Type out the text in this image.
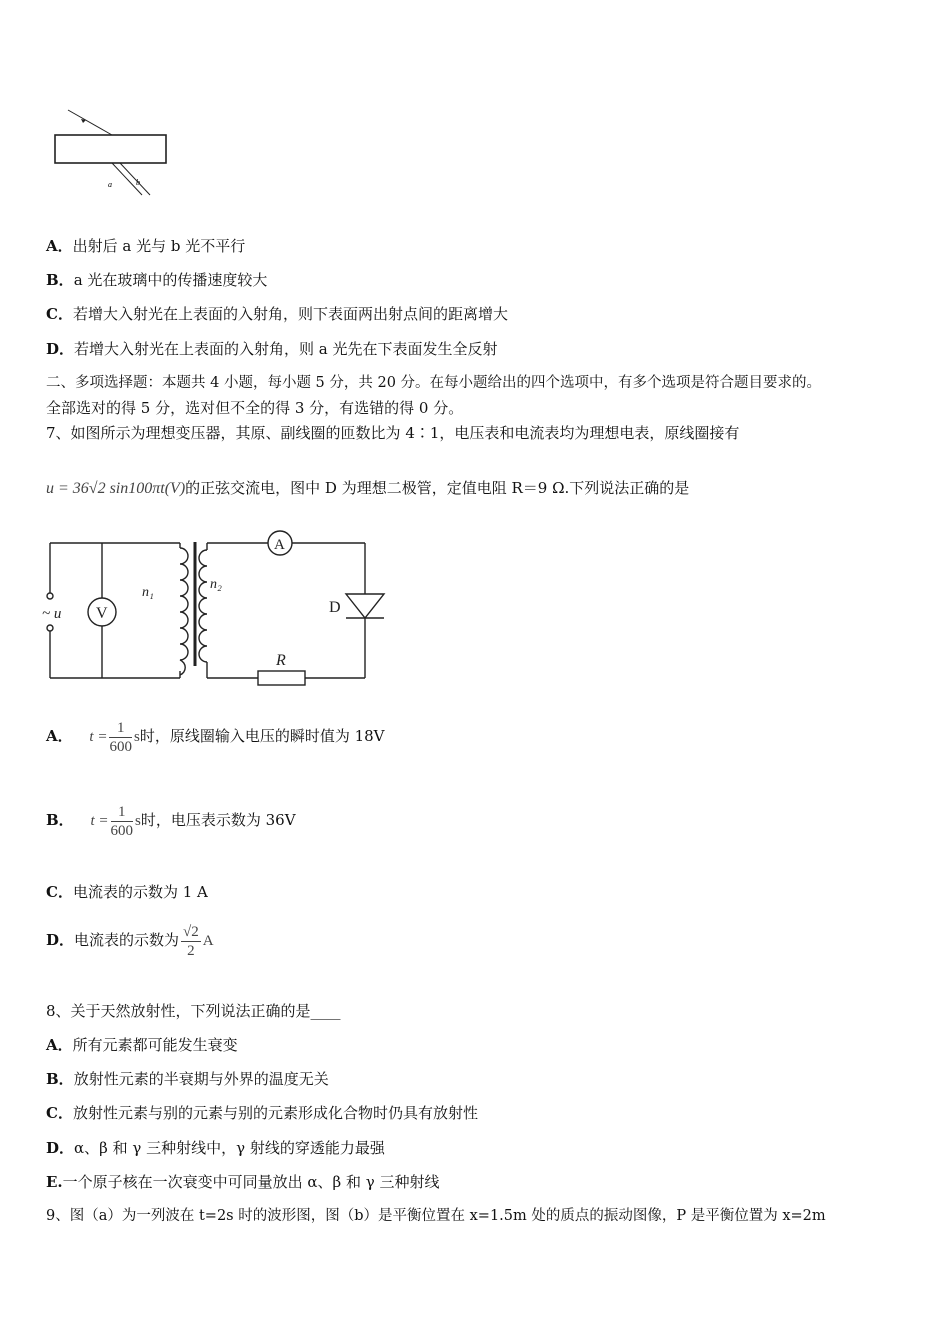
a	b
A．出射后 a 光与 b 光不平行
B．a 光在玻璃中的传播速度较大
C．若增大入射光在上表面的入射角，则下表面两出射点间的距离增大
D．若增大入射光在上表面的入射角，则 a 光先在下表面发生全反射
二、多项选择题：本题共 4 小题，每小题 5 分，共 20 分。在每小题给出的四个选项中，有多个选项是符合题目要求的。
全部选对的得 5 分，选对但不全的得 3 分，有选错的得 0 分。
7、如图所示为理想变压器，其原、副线圈的匝数比为 4∶1，电压表和电流表均为理想电表，原线圈接有
u = 36√2 sin100πt(V)的正弦交流电，图中 D 为理想二极管，定值电阻 R＝9 Ω.下列说法正确的是
V
A
~ u
n₁
n₂
D
R
A． $t = \frac{1}{600}$ s时，原线圈输入电压的瞬时值为 18V
B． $t = \frac{1}{600}$ s时，电压表示数为 36V
C．电流表的示数为 1 A
D．电流表的示数为 $\frac{√2}{2}$ A
8、关于天然放射性，下列说法正确的是____
A．所有元素都可能发生衰变
B．放射性元素的半衰期与外界的温度无关
C．放射性元素与别的元素与别的元素形成化合物时仍具有放射性
D．α、β 和 γ 三种射线中，γ 射线的穿透能力最强
E.一个原子核在一次衰变中可同量放出 α、β 和 γ 三种射线
9、图（a）为一列波在 t=2s 时的波形图，图（b）是平衡位置在 x=1.5m 处的质点的振动图像，P 是平衡位置为 x=2m
